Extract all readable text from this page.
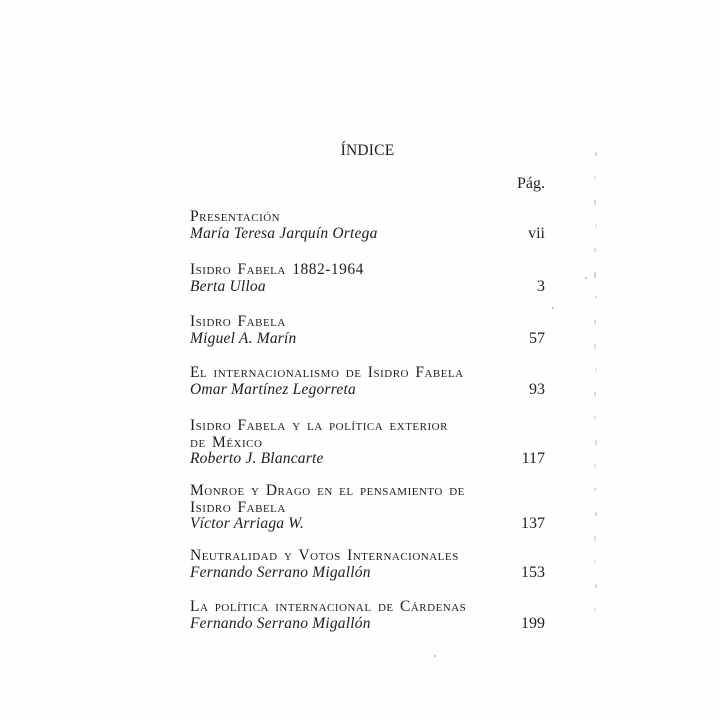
ÍNDICE
Pág.
Presentación
María Teresa Jarquín Ortega	vii
Isidro Fabela 1882-1964
Berta Ulloa	3
Isidro Fabela
Miguel A. Marín	57
El internacionalismo de Isidro Fabela
Omar Martínez Legorreta	93
Isidro Fabela y la política exterior
de México
Roberto J. Blancarte	117
Monroe y Drago en el pensamiento de
Isidro Fabela
Víctor Arriaga W.	137
Neutralidad y Votos Internacionales
Fernando Serrano Migallón	153
La política internacional de Cárdenas
Fernando Serrano Migallón	199
